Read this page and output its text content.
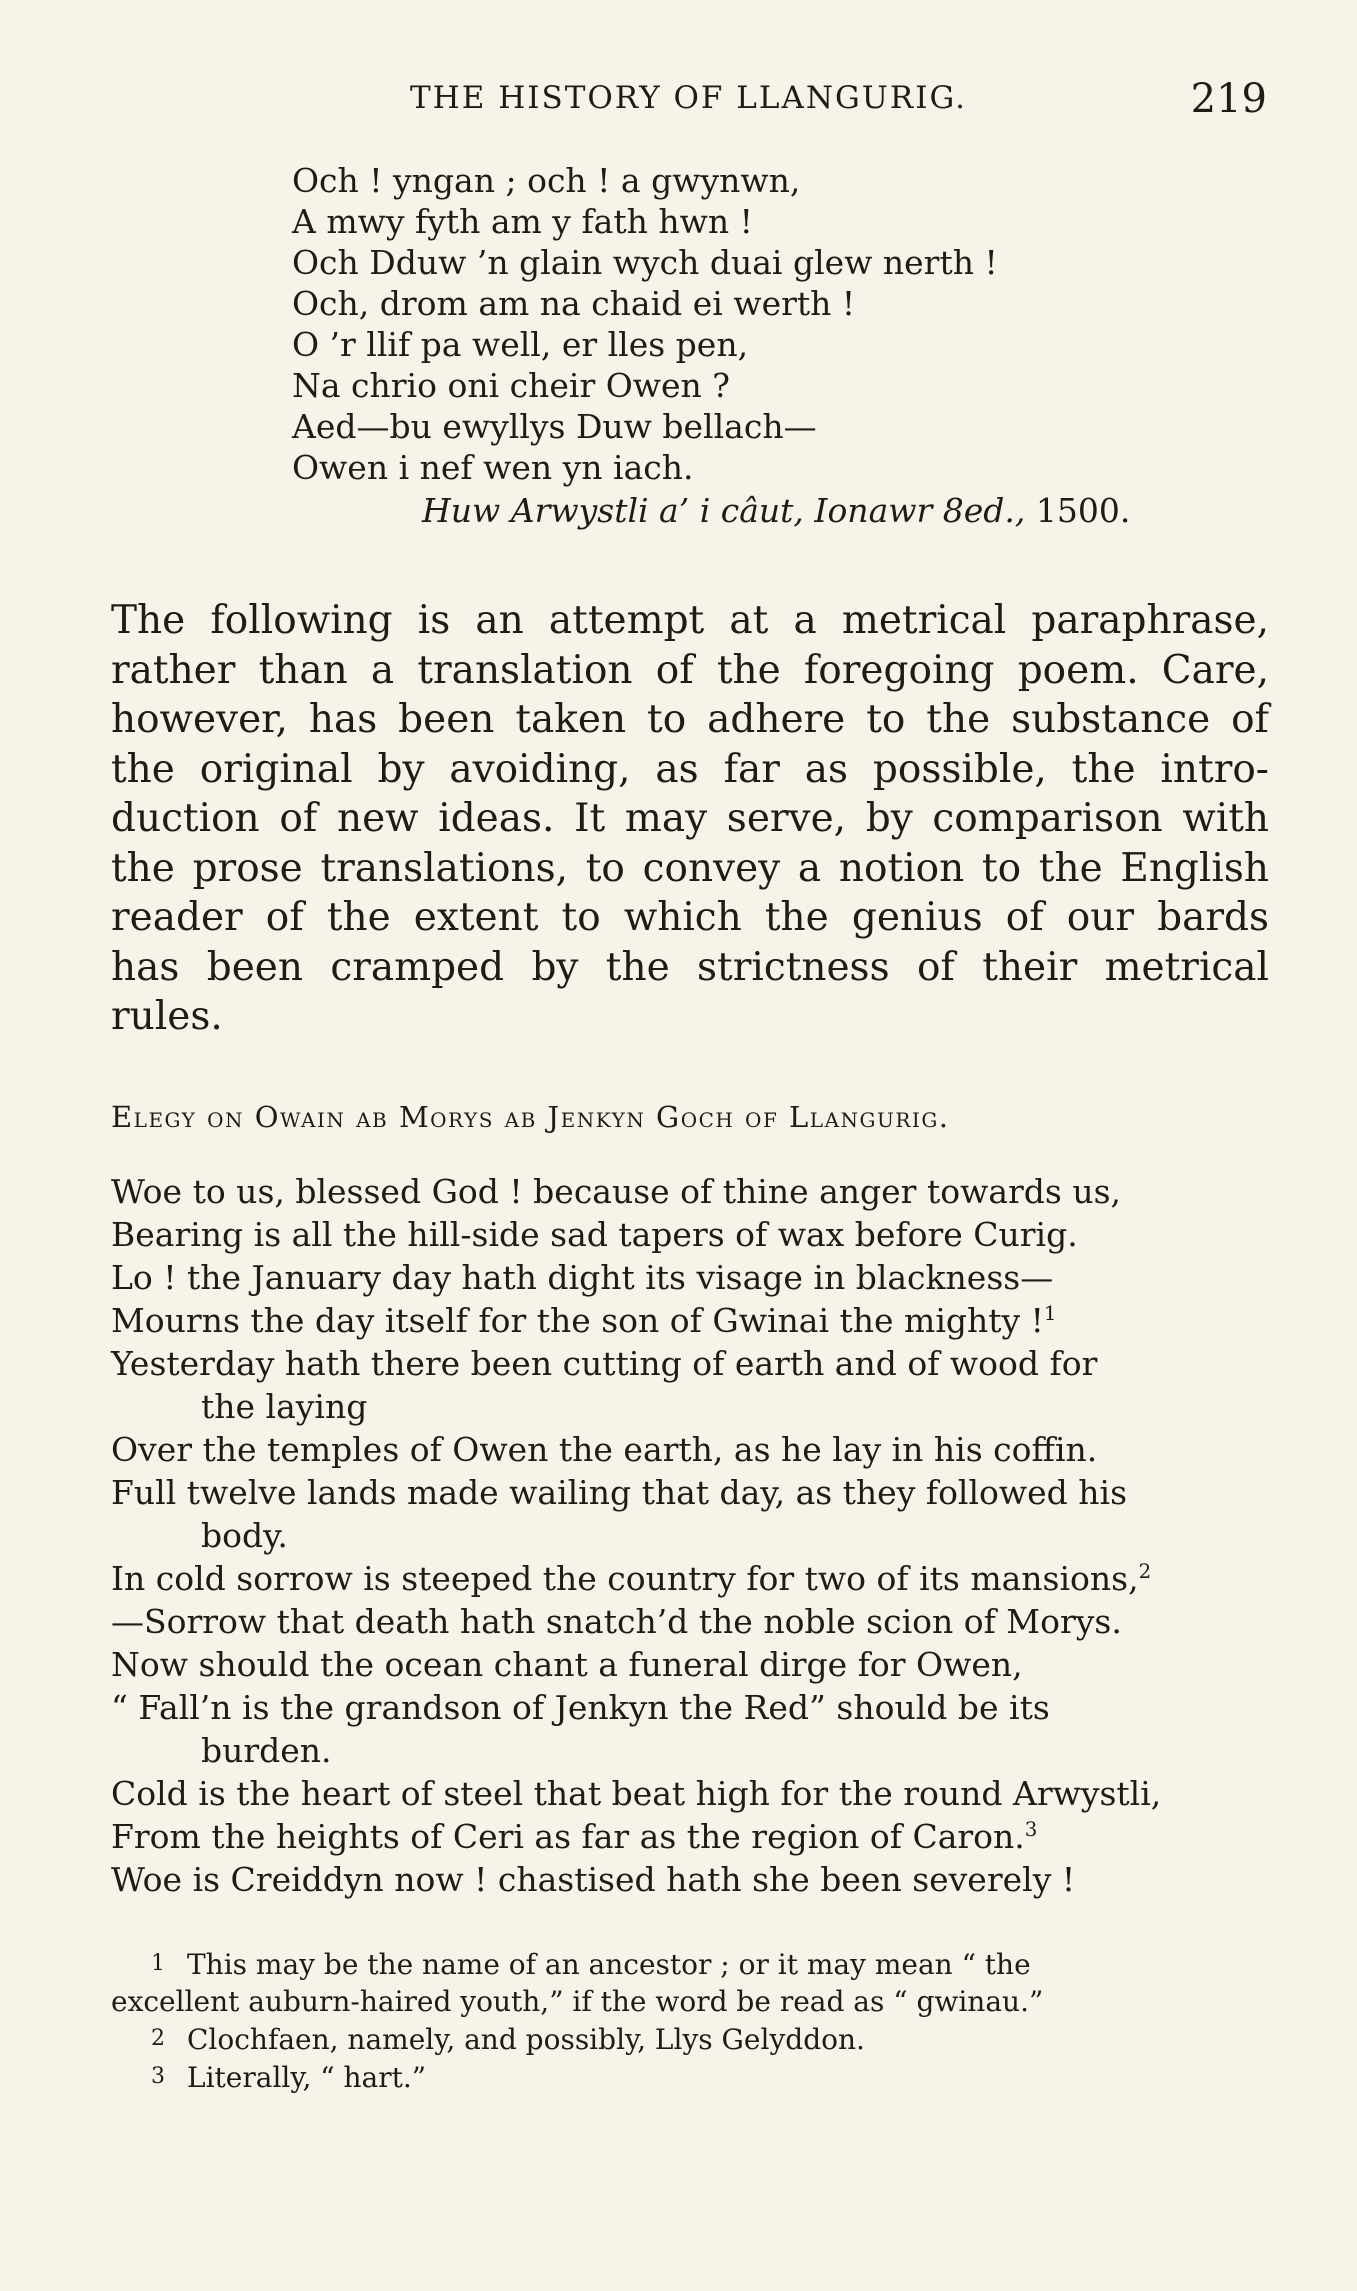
THE HISTORY OF LLANGURIG.	219
Och ! yngan ; och ! a gwynwn,
A mwy fyth am y fath hwn !
Och Dduw ’n glain wych duai glew nerth !
Och, drom am na chaid ei werth !
O ’r llif pa well, er lles pen,
Na chrio oni cheir Owen ?
Aed—bu ewyllys Duw bellach—
Owen i nef wen yn iach.
Huw Arwystli a’ i câut, Ionawr 8ed., 1500.
The following is an attempt at a metrical paraphrase,
rather than a translation of the foregoing poem. Care,
however, has been taken to adhere to the substance of
the original by avoiding, as far as possible, the intro-
duction of new ideas. It may serve, by comparison with
the prose translations, to convey a notion to the English
reader of the extent to which the genius of our bards
has been cramped by the strictness of their metrical
rules.
Elegy on Owain ab Morys ab Jenkyn Goch of Llangurig.
Woe to us, blessed God ! because of thine anger towards us,
Bearing is all the hill-side sad tapers of wax before Curig.
Lo ! the January day hath dight its visage in blackness—
Mourns the day itself for the son of Gwinai the mighty !$^1$
Yesterday hath there been cutting of earth and of wood for
the laying
Over the temples of Owen the earth, as he lay in his coffin.
Full twelve lands made wailing that day, as they followed his
body.
In cold sorrow is steeped the country for two of its mansions,$^2$
—Sorrow that death hath snatch’d the noble scion of Morys.
Now should the ocean chant a funeral dirge for Owen,
“ Fall’n is the grandson of Jenkyn the Red” should be its
burden.
Cold is the heart of steel that beat high for the round Arwystli,
From the heights of Ceri as far as the region of Caron.$^3$
Woe is Creiddyn now ! chastised hath she been severely !
1 This may be the name of an ancestor ; or it may mean “ the
excellent auburn-haired youth,” if the word be read as “ gwinau.”
2 Clochfaen, namely, and possibly, Llys Gelyddon.
3 Literally, “ hart.”
